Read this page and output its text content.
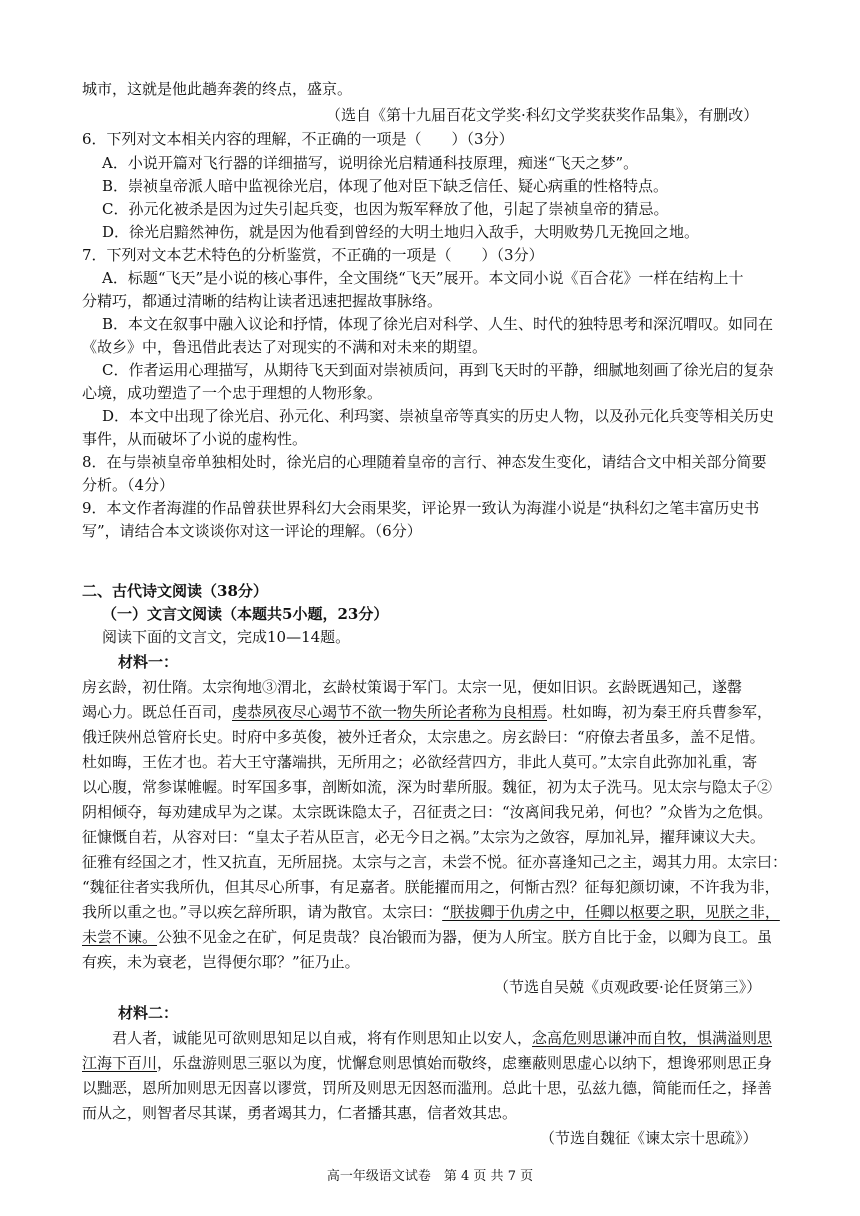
城市，这就是他此趟奔袭的终点，盛京。
（选自《第十九届百花文学奖·科幻文学奖获奖作品集》，有删改）
6．下列对文本相关内容的理解，不正确的一项是（　　）（3分）
A．小说开篇对飞行器的详细描写，说明徐光启精通科技原理，痴迷“飞天之梦”。
B．崇祯皇帝派人暗中监视徐光启，体现了他对臣下缺乏信任、疑心病重的性格特点。
C．孙元化被杀是因为过失引起兵变，也因为叛军释放了他，引起了崇祯皇帝的猜忌。
D．徐光启黯然神伤，就是因为他看到曾经的大明土地归入敌手，大明败势几无挽回之地。
7．下列对文本艺术特色的分析鉴赏，不正确的一项是（　　）（3分）
A．标题“飞天”是小说的核心事件，全文围绕“飞天”展开。本文同小说《百合花》一样在结构上十
分精巧，都通过清晰的结构让读者迅速把握故事脉络。
B．本文在叙事中融入议论和抒情，体现了徐光启对科学、人生、时代的独特思考和深沉喟叹。如同在
《故乡》中，鲁迅借此表达了对现实的不满和对未来的期望。
C．作者运用心理描写，从期待飞天到面对崇祯质问，再到飞天时的平静，细腻地刻画了徐光启的复杂
心境，成功塑造了一个忠于理想的人物形象。
D．本文中出现了徐光启、孙元化、利玛窦、崇祯皇帝等真实的历史人物，以及孙元化兵变等相关历史
事件，从而破坏了小说的虚构性。
8．在与崇祯皇帝单独相处时，徐光启的心理随着皇帝的言行、神态发生变化，请结合文中相关部分简要
分析。（4分）
9．本文作者海漄的作品曾获世界科幻大会雨果奖，评论界一致认为海漄小说是“执科幻之笔丰富历史书
写”，请结合本文谈谈你对这一评论的理解。（6分）
二、古代诗文阅读（38分）
（一）文言文阅读（本题共5小题，23分）
阅读下面的文言文，完成10—14题。
材料一：
房玄龄，初仕隋。太宗徇地③渭北，玄龄杖策谒于军门。太宗一见，便如旧识。玄龄既遇知己，遂罄
竭心力。既总任百司，虔恭夙夜尽心竭节不欲一物失所论者称为良相焉。杜如晦，初为秦王府兵曹参军，
俄迁陕州总管府长史。时府中多英俊，被外迁者众，太宗患之。房玄龄曰：“府僚去者虽多，盖不足惜。
杜如晦，王佐才也。若大王守藩端拱，无所用之；必欲经营四方，非此人莫可。”太宗自此弥加礼重，寄
以心腹，常参谋帷幄。时军国多事，剖断如流，深为时辈所服。魏征，初为太子洗马。见太宗与隐太子②
阴相倾夺，每劝建成早为之谋。太宗既诛隐太子，召征责之曰：“汝离间我兄弟，何也？”众皆为之危惧。
征慷慨自若，从容对曰：“皇太子若从臣言，必无今日之祸。”太宗为之敛容，厚加礼异，擢拜谏议大夫。
征雅有经国之才，性又抗直，无所屈挠。太宗与之言，未尝不悦。征亦喜逢知己之主，竭其力用。太宗曰：
“魏征往者实我所仇，但其尽心所事，有足嘉者。朕能擢而用之，何惭古烈？征每犯颜切谏，不许我为非，
我所以重之也。”寻以疾乞辞所职，请为散官。太宗曰：“朕拔卿于仇虏之中，任卿以枢要之职，见朕之非，
未尝不谏。公独不见金之在矿，何足贵哉？良冶锻而为器，便为人所宝。朕方自比于金，以卿为良工。虽
有疾，未为衰老，岂得便尔耶？”征乃止。
（节选自吴兢《贞观政要·论任贤第三》）
材料二：
君人者，诚能见可欲则思知足以自戒，将有作则思知止以安人，念高危则思谦冲而自牧，惧满溢则思
江海下百川，乐盘游则思三驱以为度，忧懈怠则思慎始而敬终，虑壅蔽则思虚心以纳下，想谗邪则思正身
以黜恶，恩所加则思无因喜以谬赏，罚所及则思无因怒而滥刑。总此十思，弘兹九德，简能而任之，择善
而从之，则智者尽其谋，勇者竭其力，仁者播其惠，信者效其忠。
（节选自魏征《谏太宗十思疏》）
高一年级语文试卷　第 4 页 共 7 页
